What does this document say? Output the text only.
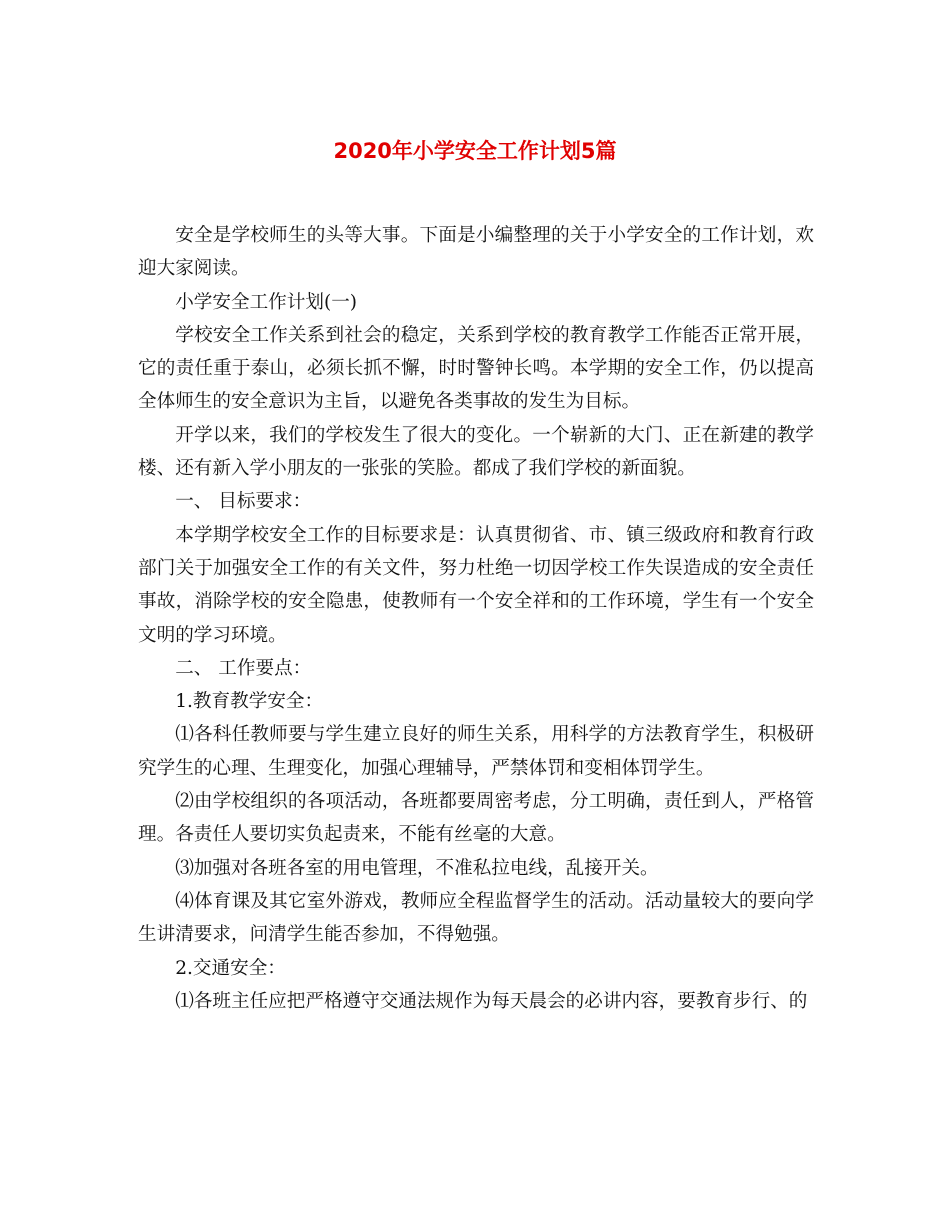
2020年小学安全工作计划5篇

安全是学校师生的头等大事。下面是小编整理的关于小学安全的工作计划，欢迎大家阅读。

小学安全工作计划(一)

学校安全工作关系到社会的稳定，关系到学校的教育教学工作能否正常开展，它的责任重于泰山，必须长抓不懈，时时警钟长鸣。本学期的安全工作，仍以提高全体师生的安全意识为主旨，以避免各类事故的发生为目标。

开学以来，我们的学校发生了很大的变化。一个崭新的大门、正在新建的教学楼、还有新入学小朋友的一张张的笑脸。都成了我们学校的新面貌。

一、 目标要求：

本学期学校安全工作的目标要求是：认真贯彻省、市、镇三级政府和教育行政部门关于加强安全工作的有关文件，努力杜绝一切因学校工作失误造成的安全责任事故，消除学校的安全隐患，使教师有一个安全祥和的工作环境，学生有一个安全文明的学习环境。

二、 工作要点：

1.教育教学安全：

⑴各科任教师要与学生建立良好的师生关系，用科学的方法教育学生，积极研究学生的心理、生理变化，加强心理辅导，严禁体罚和变相体罚学生。

⑵由学校组织的各项活动，各班都要周密考虑，分工明确，责任到人，严格管理。各责任人要切实负起责来，不能有丝毫的大意。

⑶加强对各班各室的用电管理，不准私拉电线，乱接开关。

⑷体育课及其它室外游戏，教师应全程监督学生的活动。活动量较大的要向学生讲清要求，问清学生能否参加，不得勉强。

2.交通安全：

⑴各班主任应把严格遵守交通法规作为每天晨会的必讲内容，要教育步行、的
